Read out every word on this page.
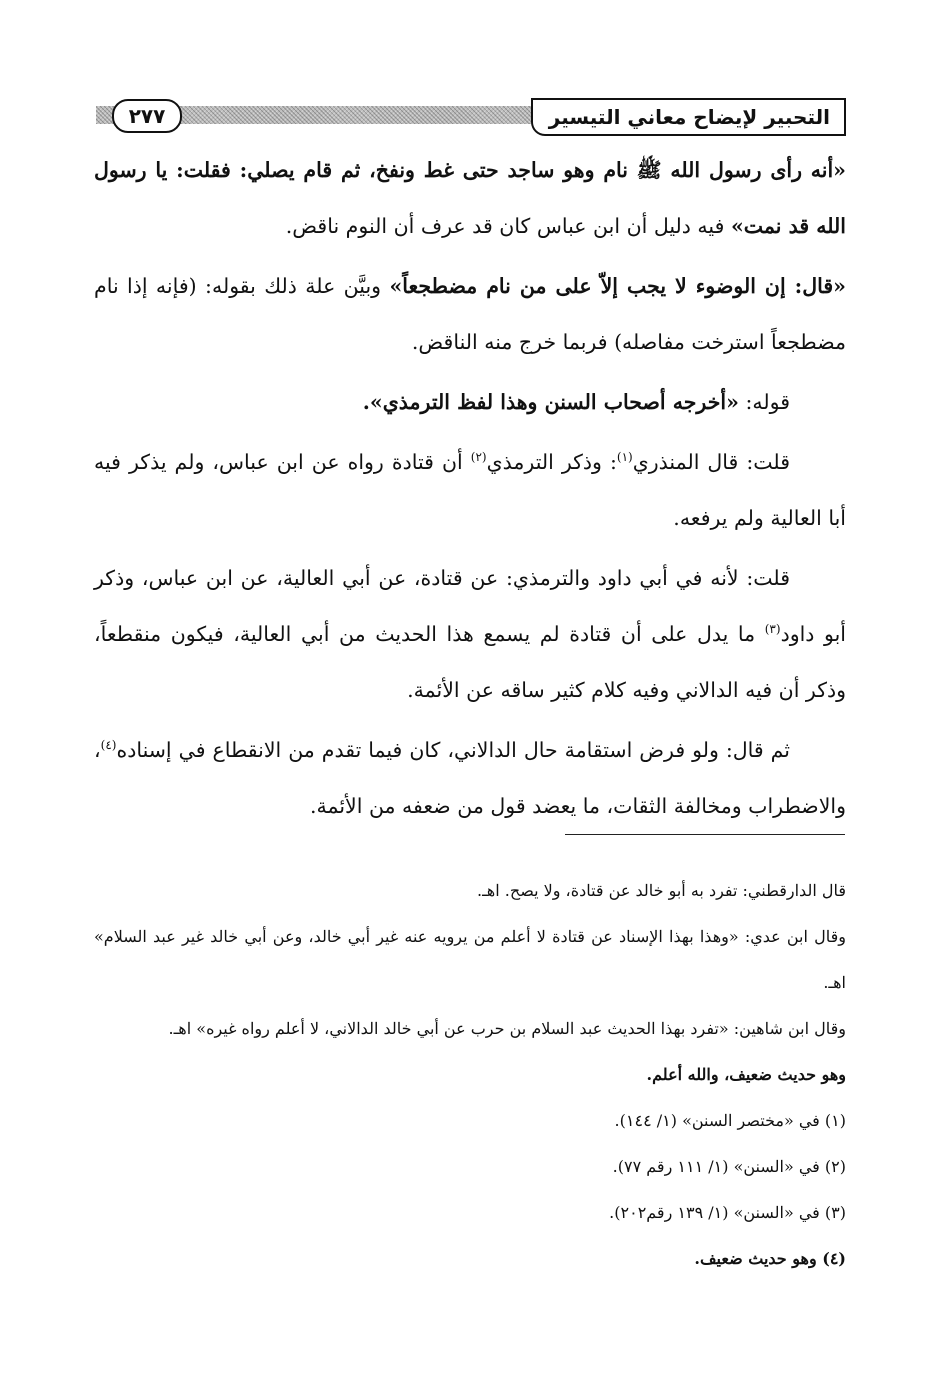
٢٧٧	التحبير لإيضاح معاني التيسير

«أنه رأى رسول الله ﷺ نام وهو ساجد حتى غط ونفخ، ثم قام يصلي: فقلت: يا رسول الله قد نمت» فيه دليل أن ابن عباس كان قد عرف أن النوم ناقض.

«قال: إن الوضوء لا يجب إلاّ على من نام مضطجعاً» وبيَّن علة ذلك بقوله: (فإنه إذا نام مضطجعاً استرخت مفاصله) فربما خرج منه الناقض.

قوله: «أخرجه أصحاب السنن وهذا لفظ الترمذي».

قلت: قال المنذري$^{(١)}$: وذكر الترمذي$^{(٢)}$ أن قتادة رواه عن ابن عباس، ولم يذكر فيه أبا العالية ولم يرفعه.

قلت: لأنه في أبي داود والترمذي: عن قتادة، عن أبي العالية، عن ابن عباس، وذكر أبو داود$^{(٣)}$ ما يدل على أن قتادة لم يسمع هذا الحديث من أبي العالية، فيكون منقطعاً، وذكر أن فيه الدالاني وفيه كلام كثير ساقه عن الأئمة.

ثم قال: ولو فرض استقامة حال الدالاني، كان فيما تقدم من الانقطاع في إسناده$^{(٤)}$، والاضطراب ومخالفة الثقات، ما يعضد قول من ضعفه من الأئمة.

قال الدارقطني: تفرد به أبو خالد عن قتادة، ولا يصح. اهـ.

وقال ابن عدي: «وهذا بهذا الإسناد عن قتادة لا أعلم من يرويه عنه غير أبي خالد، وعن أبي خالد غير عبد السلام» اهـ.

وقال ابن شاهين: «تفرد بهذا الحديث عبد السلام بن حرب عن أبي خالد الدالاني، لا أعلم رواه غيره» اهـ.

وهو حديث ضعيف، والله أعلم.

(١) في «مختصر السنن» (١/ ١٤٤).

(٢) في «السنن» (١/ ١١١ رقم ٧٧).

(٣) في «السنن» (١/ ١٣٩ رقم٢٠٢).

(٤) وهو حديث ضعيف.
